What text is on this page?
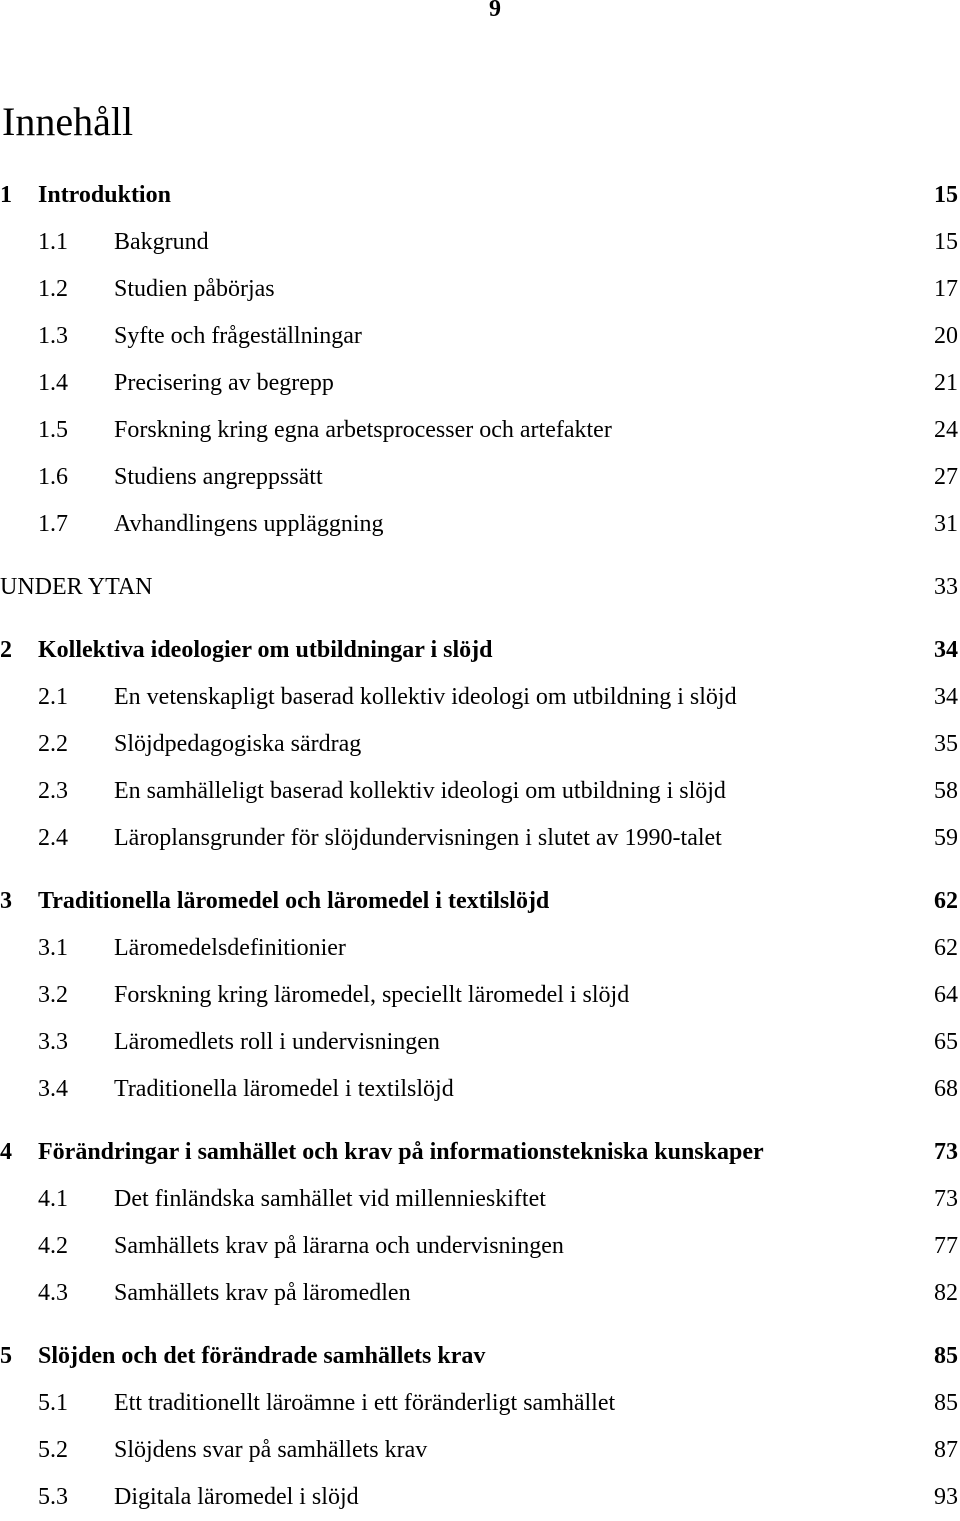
9
Innehåll
1 Introduktion	15
1.1 Bakgrund	15
1.2 Studien påbörjas	17
1.3 Syfte och frågeställningar	20
1.4 Precisering av begrepp	21
1.5 Forskning kring egna arbetsprocesser och artefakter	24
1.6 Studiens angreppssätt	27
1.7 Avhandlingens uppläggning	31
UNDER YTAN	33
2 Kollektiva ideologier om utbildningar i slöjd	34
2.1 En vetenskapligt baserad kollektiv ideologi om utbildning i slöjd	34
2.2 Slöjdpedagogiska särdrag	35
2.3 En samhälleligt baserad kollektiv ideologi om utbildning i slöjd	58
2.4 Läroplansgrunder för slöjdundervisningen i slutet av 1990-talet	59
3 Traditionella läromedel och läromedel i textilslöjd	62
3.1 Läromedelsdefinitionier	62
3.2 Forskning kring läromedel, speciellt läromedel i slöjd	64
3.3 Läromedlets roll i undervisningen	65
3.4 Traditionella läromedel i textilslöjd	68
4 Förändringar i samhället och krav på informationstekniska kunskaper	73
4.1 Det finländska samhället vid millennieskiftet	73
4.2 Samhällets krav på lärarna och undervisningen	77
4.3 Samhällets krav på läromedlen	82
5 Slöjden och det förändrade samhällets krav	85
5.1 Ett traditionellt läroämne i ett föränderligt samhället	85
5.2 Slöjdens svar på samhällets krav	87
5.3 Digitala läromedel i slöjd	93
